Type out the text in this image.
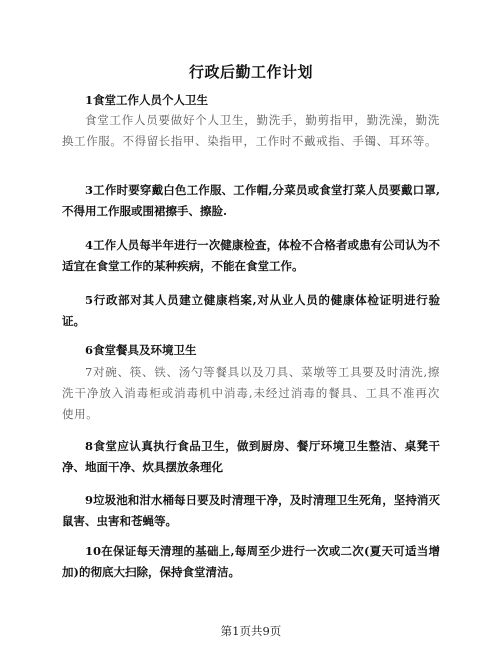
行政后勤工作计划

1食堂工作人员个人卫生

食堂工作人员要做好个人卫生，勤洗手，勤剪指甲，勤洗澡，勤洗换工作服。不得留长指甲、染指甲，工作时不戴戒指、手镯、耳环等。

3工作时要穿戴白色工作服、工作帽,分菜员或食堂打菜人员要戴口罩,不得用工作服或围裙擦手、擦脸.

4工作人员每半年进行一次健康检查，体检不合格者或患有公司认为不适宜在食堂工作的某种疾病，不能在食堂工作。

5行政部对其人员建立健康档案,对从业人员的健康体检证明进行验证。

6食堂餐具及环境卫生

7对碗、筷、铁、汤勺等餐具以及刀具、菜墩等工具要及时清洗,擦洗干净放入消毒柜或消毒机中消毒,未经过消毒的餐具、工具不准再次使用。

8食堂应认真执行食品卫生，做到厨房、餐厅环境卫生整洁、桌凳干净、地面干净、炊具摆放条理化

9垃圾池和泔水桶每日要及时清理干净，及时清理卫生死角，坚持消灭鼠害、虫害和苍蝇等。

10在保证每天清理的基础上,每周至少进行一次或二次(夏天可适当增加)的彻底大扫除，保持食堂清洁。

第1页共9页
